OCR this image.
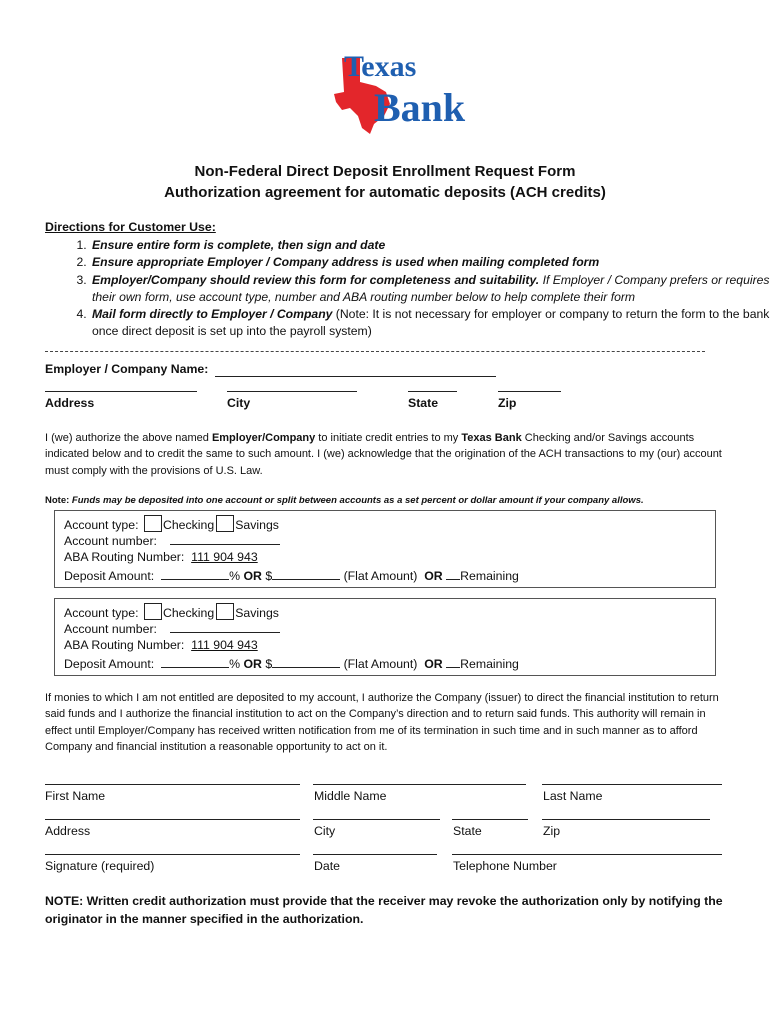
Texas
Bank
Non-Federal Direct Deposit Enrollment Request Form
Authorization agreement for automatic deposits (ACH credits)
Directions for Customer Use:
1. Ensure entire form is complete, then sign and date
2. Ensure appropriate Employer / Company address is used when mailing completed form
3. Employer/Company should review this form for completeness and suitability. If Employer / Company prefers or requires their own form, use account type, number and ABA routing number below to help complete their form
4. Mail form directly to Employer / Company (Note: It is not necessary for employer or company to return the form to the bank once direct deposit is set up into the payroll system)
Employer / Company Name:
Address	City	State	Zip
I (we) authorize the above named Employer/Company to initiate credit entries to my Texas Bank Checking and/or Savings accounts indicated below and to credit the same to such amount. I (we) acknowledge that the origination of the ACH transactions to my (our) account must comply with the provisions of U.S. Law.
Note: Funds may be deposited into one account or split between accounts as a set percent or dollar amount if your company allows.
Account type: Checking Savings
Account number:
ABA Routing Number: 111 904 943
Deposit Amount:	% OR $	(Flat Amount) OR Remaining
Account type: Checking Savings
Account number:
ABA Routing Number: 111 904 943
Deposit Amount:	% OR $	(Flat Amount) OR Remaining
If monies to which I am not entitled are deposited to my account, I authorize the Company (issuer) to direct the financial institution to return said funds and I authorize the financial institution to act on the Company’s direction and to return said funds. This authority will remain in effect until Employer/Company has received written notification from me of its termination in such time and in such manner as to afford Company and financial institution a reasonable opportunity to act on it.
First Name	Middle Name	Last Name
Address	City	State	Zip
Signature (required)	Date	Telephone Number
NOTE: Written credit authorization must provide that the receiver may revoke the authorization only by notifying the originator in the manner specified in the authorization.
